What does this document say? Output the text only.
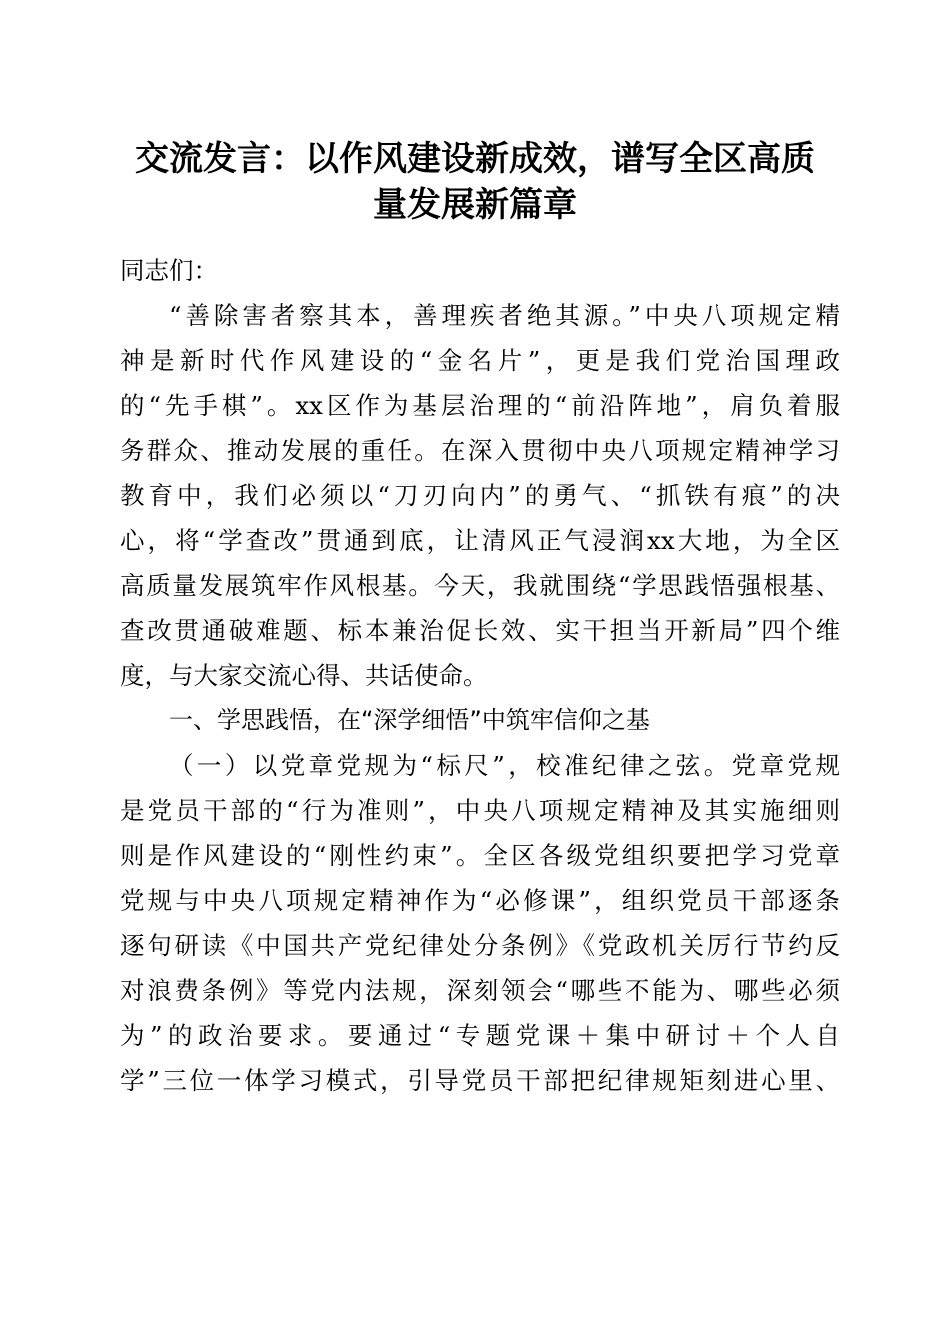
交流发言：以作风建设新成效，谱写全区高质
量发展新篇章
同志们：
“善除害者察其本，善理疾者绝其源。”中央八项规定精
神是新时代作风建设的“金名片”，更是我们党治国理政
的“先手棋”。xx区作为基层治理的“前沿阵地”，肩负着服
务群众、推动发展的重任。在深入贯彻中央八项规定精神学习
教育中，我们必须以“刀刃向内”的勇气、“抓铁有痕”的决
心，将“学查改”贯通到底，让清风正气浸润xx大地，为全区
高质量发展筑牢作风根基。今天，我就围绕“学思践悟强根基、
查改贯通破难题、标本兼治促长效、实干担当开新局”四个维
度，与大家交流心得、共话使命。
一、学思践悟，在“深学细悟”中筑牢信仰之基
（一）以党章党规为“标尺”，校准纪律之弦。党章党规
是党员干部的“行为准则”，中央八项规定精神及其实施细则
则是作风建设的“刚性约束”。全区各级党组织要把学习党章
党规与中央八项规定精神作为“必修课”，组织党员干部逐条
逐句研读《中国共产党纪律处分条例》《党政机关厉行节约反
对浪费条例》等党内法规，深刻领会“哪些不能为、哪些必须
为”的政治要求。要通过“专题党课＋集中研讨＋个人自
学”三位一体学习模式，引导党员干部把纪律规矩刻进心里、
